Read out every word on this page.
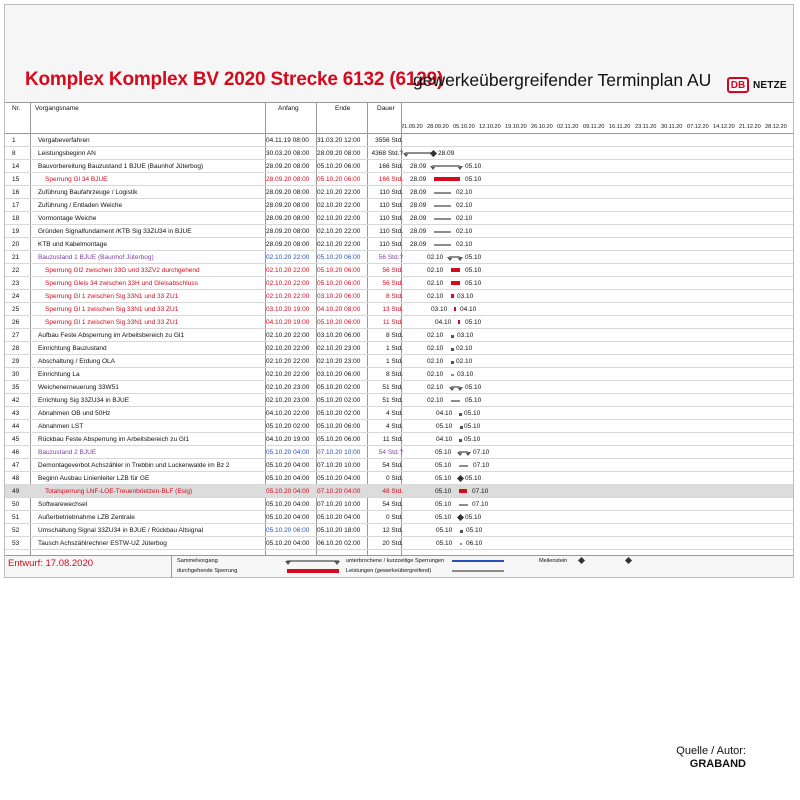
Komplex Komplex BV 2020 Strecke 6132 (6129)
gewerkeübergreifender Terminplan AU	DB NETZE
Nr. Vorgangsname	Anfang	Ende	Dauer
21.09.20 28.09.20 05.10.20 12.10.20 19.10.20 26.10.20 02.11.20 09.11.20 16.11.20 23.11.20 30.11.20 07.12.20 14.12.20 21.12.20 28.12.20
1	Vergabeverfahren	04.11.19 08:00	31.03.20 12:00	3556 Std.
8	Leistungsbeginn AN	30.03.20 08:00	28.09.20 08:00	4368 Std.?	28.09
14	Bauvorbereitung Bauzustand 1 BJUE (Baunhof Jüterbog)	28.09.20 08:00	05.10.20 06:00	166 Std. 28.09	05.10
15	Sperrung Gl 34 BJUE	28.09.20 08:00	05.10.20 06:00	166 Std. 28.09	05.10
16	Zuführung Baufahrzeuge / Logistik	28.09.20 08:00	02.10.20 22:00	110 Std. 28.09	02.10
17	Zuführung / Entladen Weiche	28.09.20 08:00	02.10.20 22:00	110 Std. 28.09	02.10
18	Vormontage Weiche	28.09.20 08:00	02.10.20 22:00	110 Std. 28.09	02.10
19	Gründen Signalfundament /KTB Sig 33ZU34 in BJUE	28.09.20 08:00	02.10.20 22:00	110 Std. 28.09	02.10
20	KTB und Kabelmontage	28.09.20 08:00	02.10.20 22:00	110 Std. 28.09	02.10
21	Bauzustand 1 BJUE (Baunhof Jüterbog)	02.10.20 22:00	05.10.20 06:00	56 Std.?	02.10	05.10
22	Sperrung Gl2 zwischen 33G und 33ZV2 durchgehend	02.10.20 22:00	05.10.20 06:00	56 Std.	02.10	05.10
23	Sperrung Gleis 34 zwischen 33H und Gleisabschluss	02.10.20 22:00	05.10.20 06:00	56 Std.	02.10	05.10
24	Sperrung Gl 1 zwischen Sig 33N1 und 33 ZU1	02.10.20 22:00	03.10.20 06:00	8 Std.	02.10 03.10
25	Sperrung Gl 1 zwischen Sig 33N1 und 33 ZU1	03.10.20 19:00	04.10.20 08:00	13 Std.	03.10 04.10
26	Sperrung Gl 1 zwischen Sig 33N1 und 33 ZU1	04.10.20 19:00	05.10.20 06:00	11 Std.	04.10 05.10
27	Aufbau Feste Absperrung im Arbeitsbereich zu Gl1	02.10.20 22:00	03.10.20 06:00	8 Std.	02.10 03.10
28	Einrichtung Bauzustand	02.10.20 22:00	02.10.20 23:00	1 Std.	02.10 02.10
29	Abschaltung / Erdung OLA	02.10.20 22:00	02.10.20 23:00	1 Std.	02.10 02.10
30	Einrichtung La	02.10.20 22:00	03.10.20 06:00	8 Std.	02.10 03.10
35	Weichenerneuerung 33W51	02.10.20 23:00	05.10.20 02:00	51 Std.	02.10	05.10
42	Errichtung Sig 33ZU34 in BJUE	02.10.20 23:00	05.10.20 02:00	51 Std.	02.10	05.10
43	Abnahmen OB und 50Hz	04.10.20 22:00	05.10.20 02:00	4 Std.	04.10 05.10
44	Abnahmen LST	05.10.20 02:00	05.10.20 06:00	4 Std.	05.10 05.10
45	Rückbau Feste Absperrung im Arbeitsbereich zu Gl1	04.10.20 19:00	05.10.20 06:00	11 Std.	04.10 05.10
46	Bauzustand 2 BJUE	05.10.20 04:00	07.10.20 10:00	54 Std.?	05.10	07.10
47	Demontageverbot Achszähler in Trebbin und Luckenwalde im Bz 2	05.10.20 04:00	07.10.20 10:00	54 Std.	05.10	07.10
48	Beginn Ausbau Linienleiter LZB für GE	05.10.20 04:00	05.10.20 04:00	0 Std.	05.10 05.10
49	Totalsperrung LNF-LOE-Treuenbrietzen-BLF (Esig)	05.10.20 04:00	07.10.20 04:00	48 Std.	05.10	07.10
50	Softwarewechsel	05.10.20 04:00	07.10.20 10:00	54 Std.	05.10	07.10
51	Außerbetriebnahme LZB Zentrale	05.10.20 04:00	05.10.20 04:00	0 Std.	05.10 05.10
52	Umschaltung Signal 33ZU34 in BJUE / Rückbau Altsignal	05.10.20 06:00	05.10.20 18:00	12 Std.	05.10 05.10
53	Tausch Achszählrechner ESTW-UZ Jüterbog	05.10.20 04:00	06.10.20 02:00	20 Std.	05.10 06.10
Entwurf: 17.08.2020	Sammelvorgang
durchgehende Sperrung
unterbrochene / kurzzeitige Sperrungen
Leistungen (gewerkeübergreifend)
Meilenstein
Quelle / Autor:
GRABAND
